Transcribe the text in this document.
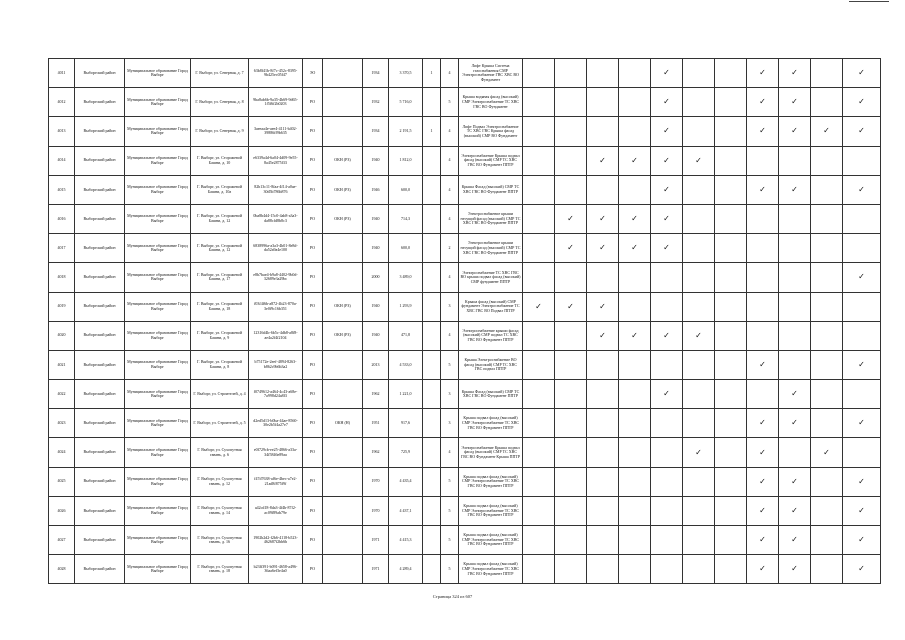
4011	Выборгский район	Муниципальное образование Город Выборг	Г. Выборг, ул. Северная, д. 7	63b8f41b-8f7c-452c-8395-9b425ec05f47	ЭО		1934	3 370,5	1	4	Лифт Крыша Система газоснабжения СМР Электроснабжение ГВС ХВС ВО Фундамент					✓			✓	✓		✓
4012	Выборгский район	Муниципальное образование Город Выборг	Г. Выборг, ул. Северная, д. 8	9ba8ab6b-9a35-4b69-9d65-1f5f6f2b0203	РО		1932	5 716,0		5	Крыша водяная фасад (высокий) СМР Электроснабжение ТС ХВС ГВС ВО Фундамент					✓			✓	✓		✓
4013	Выборгский район	Муниципальное образование Город Выборг	Г. Выборг, ул. Северная, д. 9	3aeeaa4e-aee4-4111-b402-39886ff9b635	РО		1934	2 191,5	1	4	Лифт Подвал Электроснабжение ТС ХВС ГВС Крыша фасад (высокий) СМР ВО Фундамент					✓			✓	✓	✓	✓
4014	Выборгский район	Муниципальное образование Город Выборг	Г. Выборг, ул. Сторожевой Башни, д. 10	e6339a4d-6a04-4d09-9e55-8a45e2875f33	РО	ОКН (РЗ)	1940	1 812,0		4	Электроснабжение Крыша подвал фасад (высокий) СМР ТС ХВС ГВС ВО Фундамент ППТР			✓	✓	✓	✓					
4015	Выборгский район	Муниципальное образование Город Выборг	Г. Выборг, ул. Сторожевой Башни, д. 10а	82b13c11-8faa-4f14-a0ae-30d5b786b876	РО	ОКН (РЗ)	1946	600,0		4	Крыша Фасад (высокий) СМР ТС ХВС ГВС ВО Фундамент ППТР					✓			✓	✓		✓
4016	Выборгский район	Муниципальное образование Город Выборг	Г. Выборг, ул. Сторожевой Башни, д. 12	0ba8b4d4-15c0-4ab8-a3a3-da88cfd8b8c3	РО	ОКН (РЗ)	1940	714,3		4	Электроснабжение крыши несущий фасад (высокий) СМР ТС ХВС ГВС ВО Фундамент ППТР		✓	✓	✓	✓						
4017	Выборгский район	Муниципальное образование Город Выборг	Г. Выборг, ул. Сторожевой Башни, д. 12	6838996a-a3a3-4b01-8e8d-da52a9a4e100	РО		1940	600,0		2	Электроснабжение крыши несущий фасад (высокий) СМР ТС ХВС ГВС ВО Фундамент ППТР		✓	✓	✓	✓						
4018	Выборгский район	Муниципальное образование Город Выборг	Г. Выборг, ул. Сторожевой Башни, д. 17	e8b7bae4-b9a8-4402-9b0d-32689e3a29bc	РО		2000	3 489,0		4	Электроснабжение ТС ХВС ГВС ВО крыша подвал фасад (высокий) СМР фундамент ППТР											✓
4019	Выборгский район	Муниципальное образование Город Выборг	Г. Выборг, ул. Сторожевой Башни, д. 18	f03f4f6b-a872-4b23-870a-3e0f9c16b351	РО	ОКН (РЗ)	1940	1 293,9		3	Крыша фасад (высокий) СМР фундамент Электроснабжение ТС ХВС ГВС ВО Подвал ППТР	✓	✓	✓								
4020	Выборгский район	Муниципальное образование Город Выборг	Г. Выборг, ул. Сторожевой Башни, д. 9	12316d4b-6b5c-4db8-a8f8-ae4a2f4f2104	РО	ОКН (РЗ)	1940	471,8		4	Электроснабжение крыши фасад (высокий) СМР подвал ТС ХВС ГВС ВО Фундамент ППТР			✓	✓	✓	✓					
4021	Выборгский район	Муниципальное образование Город Выборг	Г. Выборг, ул. Сторожевой Башни, д. 8	b75172e-2eef-4894-8263-b862c9b6b3a2	РО		2013	4 533,0		5	Крыша Электроснабжение ВО фасад (высокий) СМР ТС ХВС ГВС подвал ППТР								✓			✓
4022	Выборгский район	Муниципальное образование Город Выборг	Г. Выборг, ул. Строителей, д. 4	f0749612-a464-4c43-a68e-7a998d24a8f3	РО		1962	1 221,0		3	Крыша Фасад (высокий) СМР ТС ХВС ГВС ВО Фундамент ППТР					✓				✓		
4023	Выборгский район	Муниципальное образование Город Выборг	Г. Выборг, ул. Строителей, д. 5	d2ed5d13-b0ba-44ae-8560-30e2b5f4a27e7	РО	ОКН (Н)	1951	917,6		3	Крыша подвал фасад (высокий) СМР Электроснабжение ТС ХВС ГВС ВО Фундамент ППТР								✓	✓		✓
4024	Выборгский район	Муниципальное образование Город Выборг	Г. Выборг, ул. Сухопутная гавань, д. 6	e0f729cb-ee25-4866-a33a-34f5846e89aa	РО		1962	725,9		4	Электроснабжение Крыша подвал фасад (высокий) СМР ТС ХВС ГВС ВО Фундамент Крыша ППТР						✓		✓		✓	
4025	Выборгский район	Муниципальное образование Город Выборг	Г. Выборг, ул. Сухопутная гавань, д. 12	f47d7638-af6e-4bec-a7e2-21ad8f875f9f	РО		1970	4 435,4		5	Крыша подвал фасад (высокий) СМР Электроснабжение ТС ХВС ГВС ВО Фундамент ППТР								✓	✓		✓
4026	Выборгский район	Муниципальное образование Город Выборг	Г. Выборг, ул. Сухопутная гавань, д. 14	a42cd18-8da3-4f4b-87f2-ac09f89ab79e	РО		1970	4 437,1		5	Крыша подвал фасад (высокий) СМР Электроснабжение ТС ХВС ГВС ВО Фундамент ППТР								✓	✓		✓
4027	Выборгский район	Муниципальное образование Город Выборг	Г. Выборг, ул. Сухопутная гавань, д. 16	1902b2d2-f2b6-4118-b523-462687f2bb6b	РО		1971	4 415,3		5	Крыша подвал фасад (высокий) СМР Электроснабжение ТС ХВС ГВС ВО Фундамент ППТР								✓	✓		✓
4028	Выборгский район	Муниципальное образование Город Выборг	Г. Выборг, ул. Сухопутная гавань, д. 18	b23ff391-b091-4658-a496-36aa6ef3e4a0	РО		1971	4 289,4		5	Крыша подвал фасад (высокий) СМР Электроснабжение ТС ХВС ГВС ВО Фундамент ППТР								✓	✓		✓
Страница 324 из 607
